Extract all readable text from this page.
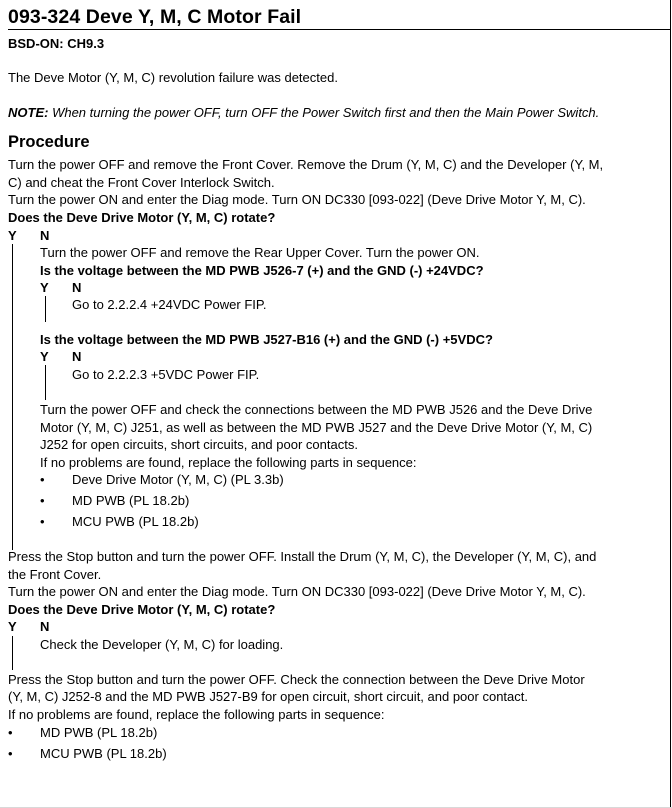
093-324 Deve Y, M, C Motor Fail
BSD-ON: CH9.3
The Deve Motor (Y, M, C) revolution failure was detected.
NOTE: When turning the power OFF, turn OFF the Power Switch first and then the Main Power Switch.
Procedure
Turn the power OFF and remove the Front Cover. Remove the Drum (Y, M, C) and the Developer (Y, M,
C) and cheat the Front Cover Interlock Switch.
Turn the power ON and enter the Diag mode. Turn ON DC330 [093-022] (Deve Drive Motor Y, M, C).
Does the Deve Drive Motor (Y, M, C) rotate?
Y N
Turn the power OFF and remove the Rear Upper Cover. Turn the power ON.
Is the voltage between the MD PWB J526-7 (+) and the GND (-) +24VDC?
Y N
Go to 2.2.2.4 +24VDC Power FIP.
Is the voltage between the MD PWB J527-B16 (+) and the GND (-) +5VDC?
Y N
Go to 2.2.2.3 +5VDC Power FIP.
Turn the power OFF and check the connections between the MD PWB J526 and the Deve Drive
Motor (Y, M, C) J251, as well as between the MD PWB J527 and the Deve Drive Motor (Y, M, C)
J252 for open circuits, short circuits, and poor contacts.
If no problems are found, replace the following parts in sequence:
• Deve Drive Motor (Y, M, C) (PL 3.3b)
• MD PWB (PL 18.2b)
• MCU PWB (PL 18.2b)
Press the Stop button and turn the power OFF. Install the Drum (Y, M, C), the Developer (Y, M, C), and
the Front Cover.
Turn the power ON and enter the Diag mode. Turn ON DC330 [093-022] (Deve Drive Motor Y, M, C).
Does the Deve Drive Motor (Y, M, C) rotate?
Y N
Check the Developer (Y, M, C) for loading.
Press the Stop button and turn the power OFF. Check the connection between the Deve Drive Motor
(Y, M, C) J252-8 and the MD PWB J527-B9 for open circuit, short circuit, and poor contact.
If no problems are found, replace the following parts in sequence:
• MD PWB (PL 18.2b)
• MCU PWB (PL 18.2b)
